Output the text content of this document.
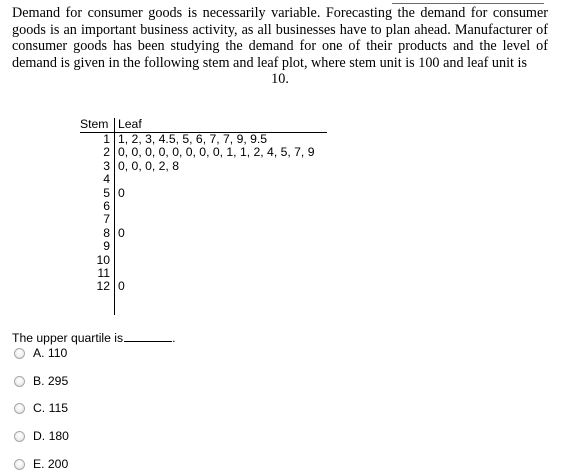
Demand for consumer goods is necessarily variable. Forecasting the demand for consumer goods is an important business activity, as all businesses have to plan ahead. Manufacturer of consumer goods has been studying the demand for one of their products and the level of demand is given in the following stem and leaf plot, where stem unit is 100 and leaf unit is
10.
Stem Leaf
1 1, 2, 3, 4.5, 5, 6, 7, 7, 9, 9.5
2 0, 0, 0, 0, 0, 0, 0, 0, 1, 1, 2, 4, 5, 7, 9
3 0, 0, 0, 2, 8
4
5 0
6
7
8 0
9
10
11
12 0
The upper quartile is	.
A. 110
B. 295
C. 115
D. 180
E. 200
